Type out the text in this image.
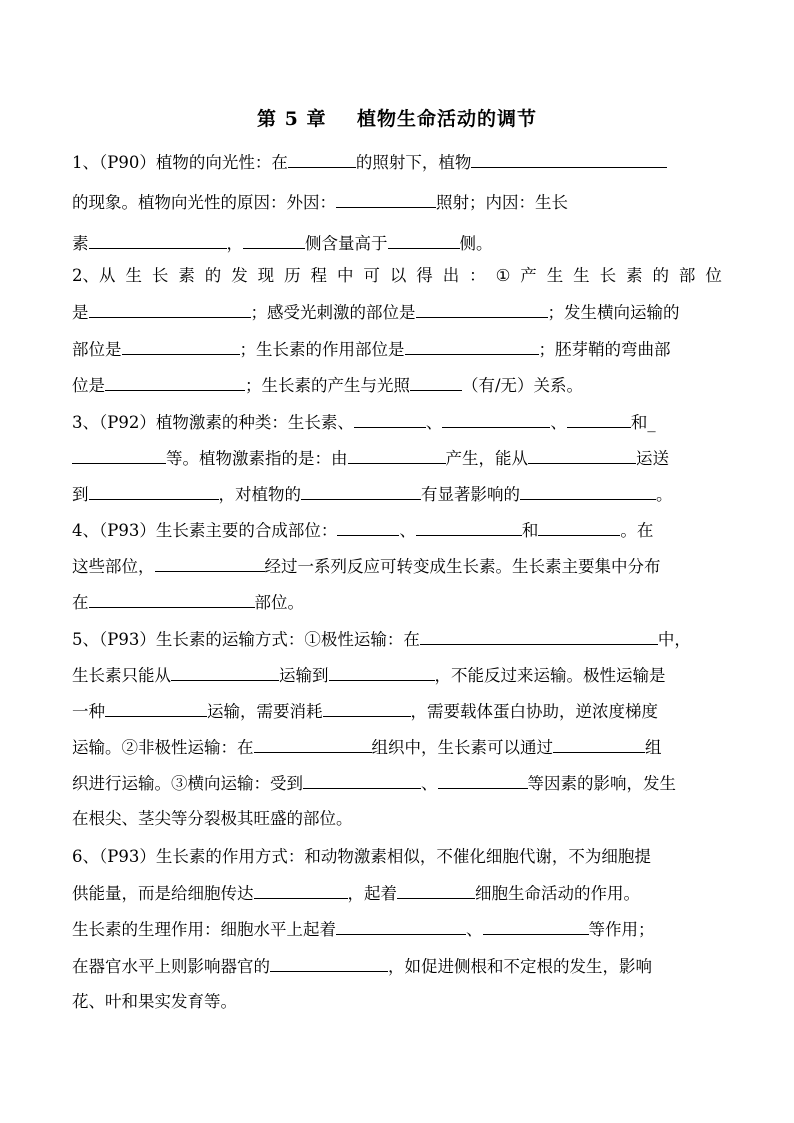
第 5 章    植物生命活动的调节
1、（P90）植物的向光性：在	的照射下，植物
的现象。植物向光性的原因：外因：	照射；内因：生长
素	，	侧含量高于	侧。
2、从 生 长 素 的 发 现 历 程 中 可 以 得 出 ： ① 产 生 生 长 素 的 部 位
是	；感受光刺激的部位是	；发生横向运输的
部位是	；生长素的作用部位是	；胚芽鞘的弯曲部
位是	；生长素的产生与光照	（有/无）关系。
3、（P92）植物激素的种类：生长素、	、	、	和_
等。植物激素指的是：由	产生，能从	运送
到	，对植物的	有显著影响的	。
4、（P93）生长素主要的合成部位：	、	和	。在
这些部位，	经过一系列反应可转变成生长素。生长素主要集中分布
在	部位。
5、（P93）生长素的运输方式：①极性运输：在	中，
生长素只能从	运输到	，不能反过来运输。极性运输是
一种	运输，需要消耗	，需要载体蛋白协助，逆浓度梯度
运输。②非极性运输：在	组织中，生长素可以通过	组
织进行运输。③横向运输：受到	、	等因素的影响，发生
在根尖、茎尖等分裂极其旺盛的部位。
6、（P93）生长素的作用方式：和动物激素相似，不催化细胞代谢，不为细胞提
供能量，而是给细胞传达	，起着	细胞生命活动的作用。
生长素的生理作用：细胞水平上起着	、	等作用；
在器官水平上则影响器官的	，如促进侧根和不定根的发生，影响
花、叶和果实发育等。
